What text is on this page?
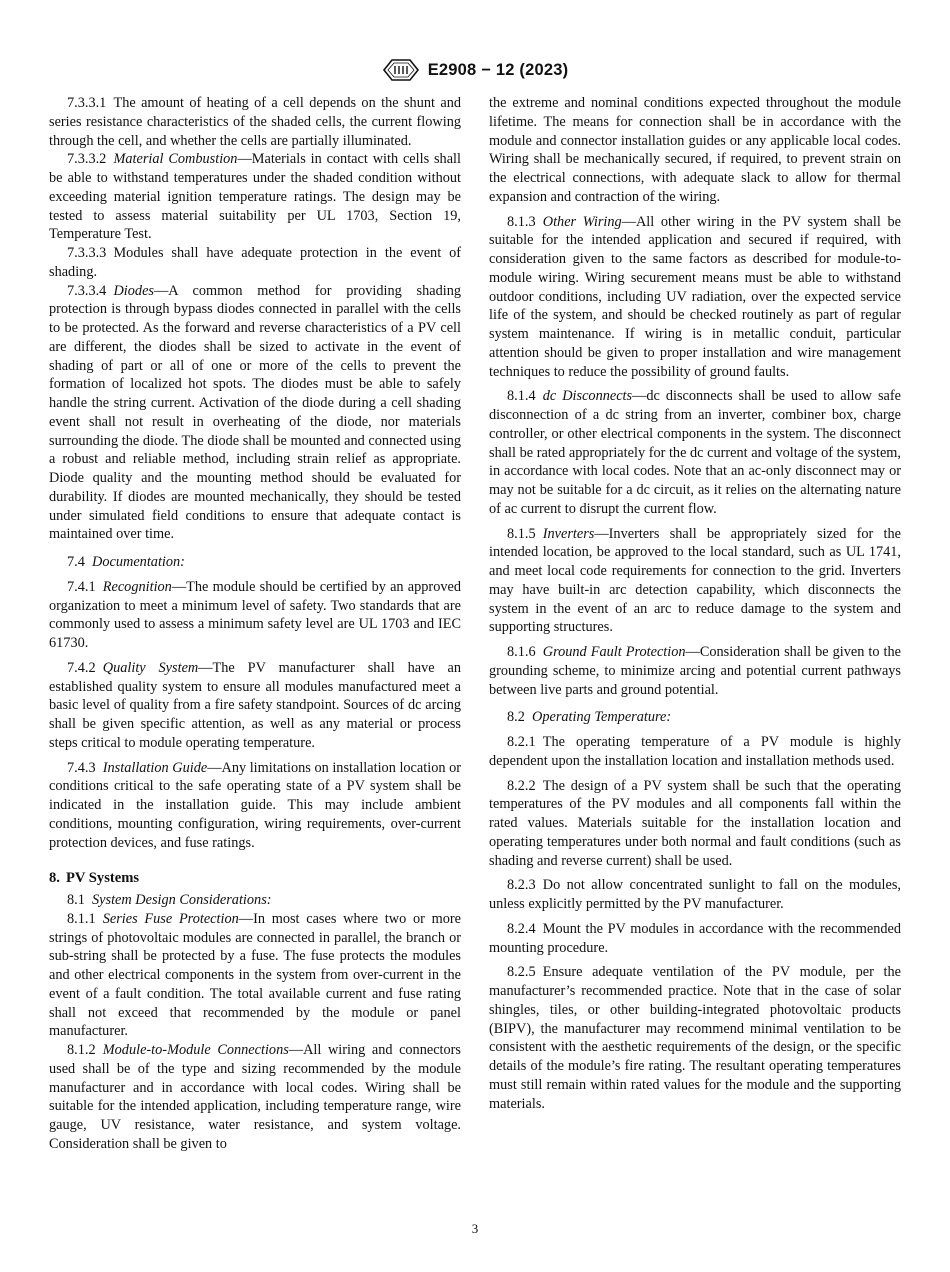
E2908 − 12 (2023)

7.3.3.1 The amount of heating of a cell depends on the shunt and series resistance characteristics of the shaded cells, the current flowing through the cell, and whether the cells are partially illuminated.

7.3.3.2 Material Combustion—Materials in contact with cells shall be able to withstand temperatures under the shaded condition without exceeding material ignition temperature ratings. The design may be tested to assess material suitability per UL 1703, Section 19, Temperature Test.

7.3.3.3 Modules shall have adequate protection in the event of shading.

7.3.3.4 Diodes—A common method for providing shading protection is through bypass diodes connected in parallel with the cells to be protected. As the forward and reverse characteristics of a PV cell are different, the diodes shall be sized to activate in the event of shading of part or all of one or more of the cells to prevent the formation of localized hot spots. The diodes must be able to safely handle the string current. Activation of the diode during a cell shading event shall not result in overheating of the diode, nor materials surrounding the diode. The diode shall be mounted and connected using a robust and reliable method, including strain relief as appropriate. Diode quality and the mounting method should be evaluated for durability. If diodes are mounted mechanically, they should be tested under simulated field conditions to ensure that adequate contact is maintained over time.

7.4 Documentation:

7.4.1 Recognition—The module should be certified by an approved organization to meet a minimum level of safety. Two standards that are commonly used to assess a minimum safety level are UL 1703 and IEC 61730.

7.4.2 Quality System—The PV manufacturer shall have an established quality system to ensure all modules manufactured meet a basic level of quality from a fire safety standpoint. Sources of dc arcing shall be given specific attention, as well as any material or process steps critical to module operating temperature.

7.4.3 Installation Guide—Any limitations on installation location or conditions critical to the safe operating state of a PV system shall be indicated in the installation guide. This may include ambient conditions, mounting configuration, wiring requirements, over-current protection devices, and fuse ratings.

8. PV Systems

8.1 System Design Considerations:

8.1.1 Series Fuse Protection—In most cases where two or more strings of photovoltaic modules are connected in parallel, the branch or sub-string shall be protected by a fuse. The fuse protects the modules and other electrical components in the system from over-current in the event of a fault condition. The total available current and fuse rating shall not exceed that recommended by the module or panel manufacturer.

8.1.2 Module-to-Module Connections—All wiring and connectors used shall be of the type and sizing recommended by the module manufacturer and in accordance with local codes. Wiring shall be suitable for the intended application, including temperature range, wire gauge, UV resistance, water resistance, and system voltage. Consideration shall be given to

the extreme and nominal conditions expected throughout the module lifetime. The means for connection shall be in accordance with the module and connector installation guides or any applicable local codes. Wiring shall be mechanically secured, if required, to prevent strain on the electrical connections, with adequate slack to allow for thermal expansion and contraction of the wiring.

8.1.3 Other Wiring—All other wiring in the PV system shall be suitable for the intended application and secured if required, with consideration given to the same factors as described for module-to-module wiring. Wiring securement means must be able to withstand outdoor conditions, including UV radiation, over the expected service life of the system, and should be checked routinely as part of regular system maintenance. If wiring is in metallic conduit, particular attention should be given to proper installation and wire management techniques to reduce the possibility of ground faults.

8.1.4 dc Disconnects—dc disconnects shall be used to allow safe disconnection of a dc string from an inverter, combiner box, charge controller, or other electrical components in the system. The disconnect shall be rated appropriately for the dc current and voltage of the system, in accordance with local codes. Note that an ac-only disconnect may or may not be suitable for a dc circuit, as it relies on the alternating nature of ac current to disrupt the current flow.

8.1.5 Inverters—Inverters shall be appropriately sized for the intended location, be approved to the local standard, such as UL 1741, and meet local code requirements for connection to the grid. Inverters may have built-in arc detection capability, which disconnects the system in the event of an arc to reduce damage to the system and supporting structures.

8.1.6 Ground Fault Protection—Consideration shall be given to the grounding scheme, to minimize arcing and potential current pathways between live parts and ground potential.

8.2 Operating Temperature:

8.2.1 The operating temperature of a PV module is highly dependent upon the installation location and installation methods used.

8.2.2 The design of a PV system shall be such that the operating temperatures of the PV modules and all components fall within the rated values. Materials suitable for the installation location and operating temperatures under both normal and fault conditions (such as shading and reverse current) shall be used.

8.2.3 Do not allow concentrated sunlight to fall on the modules, unless explicitly permitted by the PV manufacturer.

8.2.4 Mount the PV modules in accordance with the recommended mounting procedure.

8.2.5 Ensure adequate ventilation of the PV module, per the manufacturer’s recommended practice. Note that in the case of solar shingles, tiles, or other building-integrated photovoltaic products (BIPV), the manufacturer may recommend minimal ventilation to be consistent with the aesthetic requirements of the design, or the specific details of the module’s fire rating. The resultant operating temperatures must still remain within rated values for the module and the supporting materials.

3
